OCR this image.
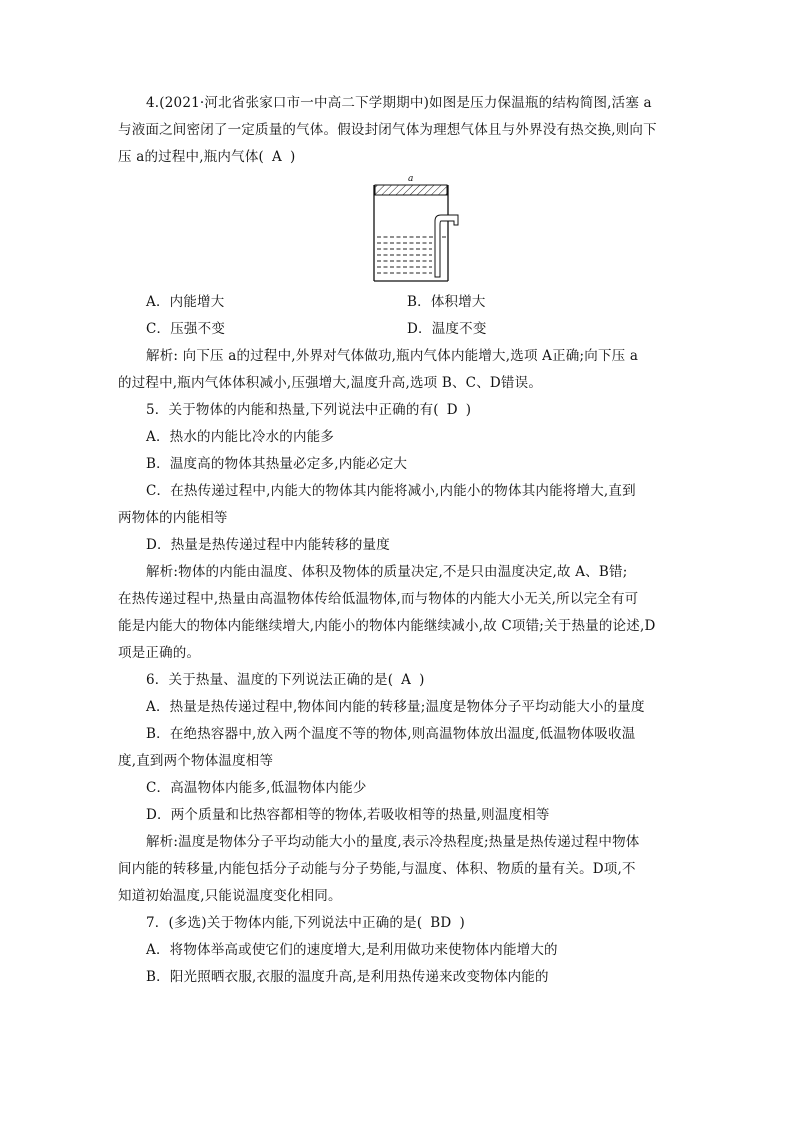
4.(2021·河北省张家口市一中高二下学期期中)如图是压力保温瓶的结构简图,活塞 a
与液面之间密闭了一定质量的气体。假设封闭气体为理想气体且与外界没有热交换,则向下
压 a的过程中,瓶内气体( A )
a
A．内能增大	B．体积增大
C．压强不变	D．温度不变
解析: 向下压 a的过程中,外界对气体做功,瓶内气体内能增大,选项 A正确;向下压 a
的过程中,瓶内气体体积减小,压强增大,温度升高,选项 B、C、D错误。
5．关于物体的内能和热量,下列说法中正确的有( D )
A．热水的内能比冷水的内能多
B．温度高的物体其热量必定多,内能必定大
C．在热传递过程中,内能大的物体其内能将减小,内能小的物体其内能将增大,直到
两物体的内能相等
D．热量是热传递过程中内能转移的量度
解析:物体的内能由温度、体积及物体的质量决定,不是只由温度决定,故 A、B错;
在热传递过程中,热量由高温物体传给低温物体,而与物体的内能大小无关,所以完全有可
能是内能大的物体内能继续增大,内能小的物体内能继续减小,故 C项错;关于热量的论述,D
项是正确的。
6．关于热量、温度的下列说法正确的是( A )
A．热量是热传递过程中,物体间内能的转移量;温度是物体分子平均动能大小的量度
B．在绝热容器中,放入两个温度不等的物体,则高温物体放出温度,低温物体吸收温
度,直到两个物体温度相等
C．高温物体内能多,低温物体内能少
D．两个质量和比热容都相等的物体,若吸收相等的热量,则温度相等
解析:温度是物体分子平均动能大小的量度,表示冷热程度;热量是热传递过程中物体
间内能的转移量,内能包括分子动能与分子势能,与温度、体积、物质的量有关。D项,不
知道初始温度,只能说温度变化相同。
7．(多选)关于物体内能,下列说法中正确的是( BD )
A．将物体举高或使它们的速度增大,是利用做功来使物体内能增大的
B．阳光照晒衣服,衣服的温度升高,是利用热传递来改变物体内能的
